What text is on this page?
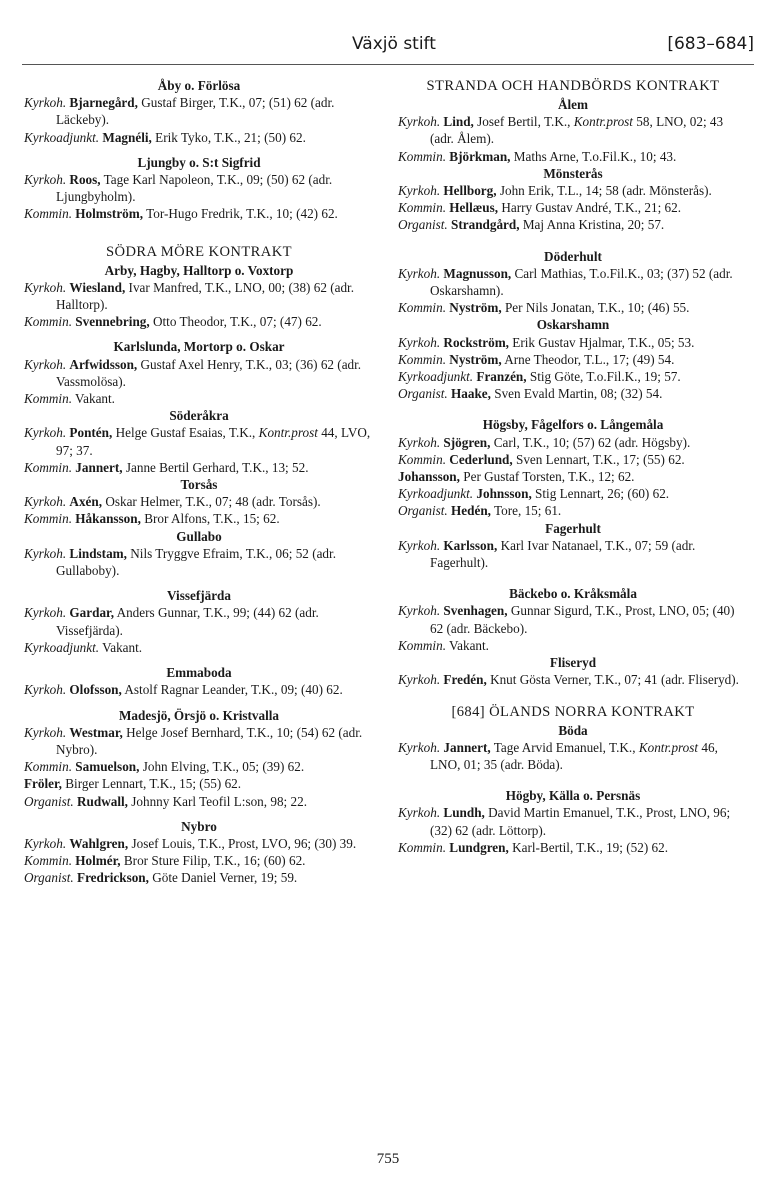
Växjö stift	[683–684]
Åby o. Förlösa
Kyrkoh. Bjarnegård, Gustaf Birger, T.K., 07; (51) 62 (adr. Läckeby).
Kyrkoadjunkt. Magnéli, Erik Tyko, T.K., 21; (50) 62.
Ljungby o. S:t Sigfrid
Kyrkoh. Roos, Tage Karl Napoleon, T.K., 09; (50) 62 (adr. Ljungbyholm).
Kommin. Holmström, Tor-Hugo Fredrik, T.K., 10; (42) 62.
SÖDRA MÖRE KONTRAKT
Arby, Hagby, Halltorp o. Voxtorp
Kyrkoh. Wiesland, Ivar Manfred, T.K., LNO, 00; (38) 62 (adr. Halltorp).
Kommin. Svennebring, Otto Theodor, T.K., 07; (47) 62.
Karlslunda, Mortorp o. Oskar
Kyrkoh. Arfwidsson, Gustaf Axel Henry, T.K., 03; (36) 62 (adr. Vassmolösa).
Kommin. Vakant.
Söderåkra
Kyrkoh. Pontén, Helge Gustaf Esaias, T.K., Kontr.prost 44, LVO, 97; 37.
Kommin. Jannert, Janne Bertil Gerhard, T.K., 13; 52.
Torsås
Kyrkoh. Axén, Oskar Helmer, T.K., 07; 48 (adr. Torsås).
Kommin. Håkansson, Bror Alfons, T.K., 15; 62.
Gullabo
Kyrkoh. Lindstam, Nils Tryggve Efraim, T.K., 06; 52 (adr. Gullaboby).
Vissefjärda
Kyrkoh. Gardar, Anders Gunnar, T.K., 99; (44) 62 (adr. Vissefjärda).
Kyrkoadjunkt. Vakant.
Emmaboda
Kyrkoh. Olofsson, Astolf Ragnar Leander, T.K., 09; (40) 62.
Madesjö, Örsjö o. Kristvalla
Kyrkoh. Westmar, Helge Josef Bernhard, T.K., 10; (54) 62 (adr. Nybro).
Kommin. Samuelson, John Elving, T.K., 05; (39) 62.
Fröler, Birger Lennart, T.K., 15; (55) 62.
Organist. Rudwall, Johnny Karl Teofil L:son, 98; 22.
Nybro
Kyrkoh. Wahlgren, Josef Louis, T.K., Prost, LVO, 96; (30) 39.
Kommin. Holmér, Bror Sture Filip, T.K., 16; (60) 62.
Organist. Fredrickson, Göte Daniel Verner, 19; 59.
STRANDA OCH HANDBÖRDS KONTRAKT
Ålem
Kyrkoh. Lind, Josef Bertil, T.K., Kontr.prost 58, LNO, 02; 43 (adr. Ålem).
Kommin. Björkman, Maths Arne, T.o.Fil.K., 10; 43.
Mönsterås
Kyrkoh. Hellborg, John Erik, T.L., 14; 58 (adr. Mönsterås).
Kommin. Hellæus, Harry Gustav André, T.K., 21; 62.
Organist. Strandgård, Maj Anna Kristina, 20; 57.
Döderhult
Kyrkoh. Magnusson, Carl Mathias, T.o.Fil.K., 03; (37) 52 (adr. Oskarshamn).
Kommin. Nyström, Per Nils Jonatan, T.K., 10; (46) 55.
Oskarshamn
Kyrkoh. Rockström, Erik Gustav Hjalmar, T.K., 05; 53.
Kommin. Nyström, Arne Theodor, T.L., 17; (49) 54.
Kyrkoadjunkt. Franzén, Stig Göte, T.o.Fil.K., 19; 57.
Organist. Haake, Sven Evald Martin, 08; (32) 54.
Högsby, Fågelfors o. Långemåla
Kyrkoh. Sjögren, Carl, T.K., 10; (57) 62 (adr. Högsby).
Kommin. Cederlund, Sven Lennart, T.K., 17; (55) 62.
Johansson, Per Gustaf Torsten, T.K., 12; 62.
Kyrkoadjunkt. Johnsson, Stig Lennart, 26; (60) 62.
Organist. Hedén, Tore, 15; 61.
Fagerhult
Kyrkoh. Karlsson, Karl Ivar Natanael, T.K., 07; 59 (adr. Fagerhult).
Bäckebo o. Kråksmåla
Kyrkoh. Svenhagen, Gunnar Sigurd, T.K., Prost, LNO, 05; (40) 62 (adr. Bäckebo).
Kommin. Vakant.
Fliseryd
Kyrkoh. Fredén, Knut Gösta Verner, T.K., 07; 41 (adr. Fliseryd).
[684] ÖLANDS NORRA KONTRAKT
Böda
Kyrkoh. Jannert, Tage Arvid Emanuel, T.K., Kontr.prost 46, LNO, 01; 35 (adr. Böda).
Högby, Källa o. Persnäs
Kyrkoh. Lundh, David Martin Emanuel, T.K., Prost, LNO, 96; (32) 62 (adr. Löttorp).
Kommin. Lundgren, Karl-Bertil, T.K., 19; (52) 62.
755
